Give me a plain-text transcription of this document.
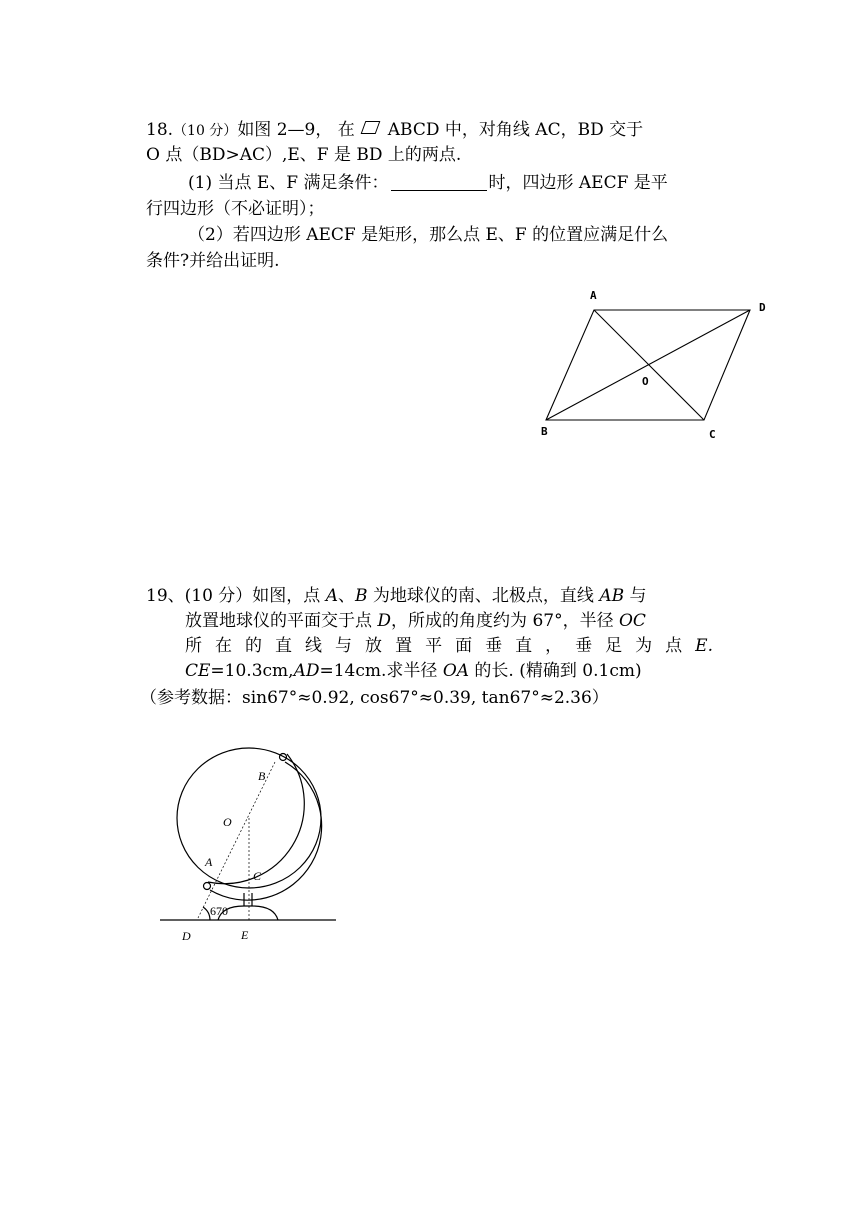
18.（10 分）如图 2—9， 在 ABCD 中，对角线 AC，BD 交于
O 点（BD>AC）,E、F 是 BD 上的两点.
(1) 当点 E、F 满足条件：	时，四边形 AECF 是平
行四边形（不必证明）；
（2）若四边形 AECF 是矩形，那么点 E、F 的位置应满足什么
条件?并给出证明.
A
D
O
B	C
19、(10 分）如图，点 A、B 为地球仪的南、北极点，直线 AB 与
放置地球仪的平面交于点 D，所成的角度约为 67°，半径 OC
所在的直线与放置平面垂直，垂足为点E.
CE=10.3cm,AD=14cm.求半径 OA 的长. (精确到 0.1cm)
（参考数据：sin67°≈0.92, cos67°≈0.39, tan67°≈2.36）
B
O
A
C
D	E
670
